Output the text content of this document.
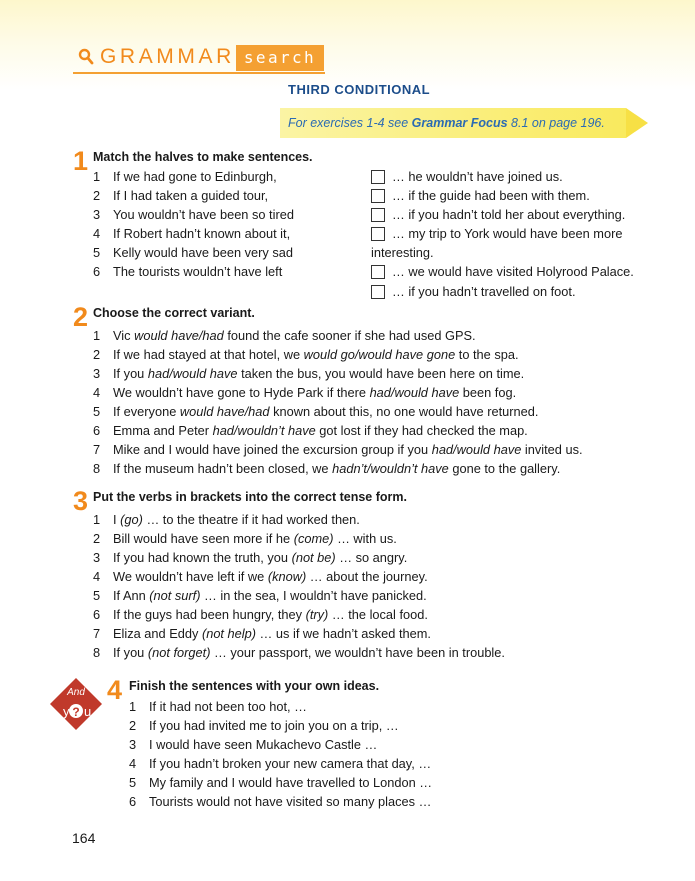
GRAMMAR search
THIRD CONDITIONAL
For exercises 1-4 see Grammar Focus 8.1 on page 196.
1 Match the halves to make sentences.
1 If we had gone to Edinburgh,
2 If I had taken a guided tour,
3 You wouldn’t have been so tired
4 If Robert hadn’t known about it,
5 Kelly would have been very sad
6 The tourists wouldn’t have left
… he wouldn’t have joined us.
… if the guide had been with them.
… if you hadn’t told her about everything.
… my trip to York would have been more
interesting.
… we would have visited Holyrood Palace.
… if you hadn’t travelled on foot.
2 Choose the correct variant.
1 Vic would have/had found the cafe sooner if she had used GPS.
2 If we had stayed at that hotel, we would go/would have gone to the spa.
3 If you had/would have taken the bus, you would have been here on time.
4 We wouldn’t have gone to Hyde Park if there had/would have been fog.
5 If everyone would have/had known about this, no one would have returned.
6 Emma and Peter had/wouldn’t have got lost if they had checked the map.
7 Mike and I would have joined the excursion group if you had/would have invited us.
8 If the museum hadn’t been closed, we hadn’t/wouldn’t have gone to the gallery.
3 Put the verbs in brackets into the correct tense form.
1 I (go) … to the theatre if it had worked then.
2 Bill would have seen more if he (come) … with us.
3 If you had known the truth, you (not be) … so angry.
4 We wouldn’t have left if we (know) … about the journey.
5 If Ann (not surf) … in the sea, I wouldn’t have panicked.
6 If the guys had been hungry, they (try) … the local food.
7 Eliza and Eddy (not help) … us if we hadn’t asked them.
8 If you (not forget) … your passport, we wouldn’t have been in trouble.
And
y ? u
4 Finish the sentences with your own ideas.
1 If it had not been too hot, …
2 If you had invited me to join you on a trip, …
3 I would have seen Mukachevo Castle …
4 If you hadn’t broken your new camera that day, …
5 My family and I would have travelled to London …
6 Tourists would not have visited so many places …
164
